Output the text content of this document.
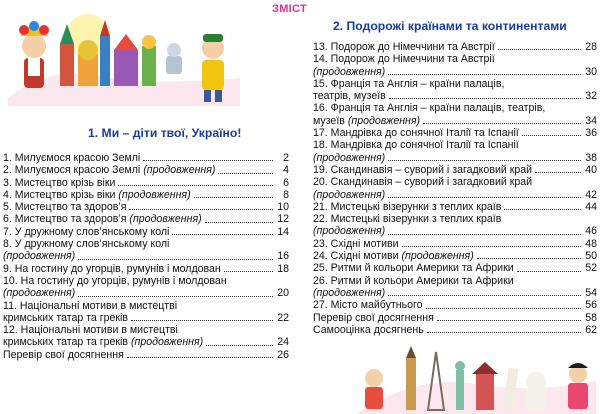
ЗМІСТ
1. Ми – діти твої, Україно!
1. Милуємося красою Землі	2
2. Милуємося красою Землі (продовження)	4
3. Мистецтво крізь віки	6
4. Мистецтво крізь віки (продовження)	8
5. Мистецтво та здоров’я	10
6. Мистецтво та здоров’я (продовження)	12
7. У дружному слов’янському колі	14
8. У дружному слов’янському колі
(продовження)	16
9. На гостину до угорців, румунів і молдован	18
10. На гостину до угорців, румунів і молдован
(продовження)	20
11. Національні мотиви в мистецтві
кримських татар та греків	22
12. Національні мотиви в мистецтві
кримських татар та греків (продовження)	24
Перевір свої досягнення	26
2. Подорожі країнами та континентами
13. Подорож до Німеччини та Австрії	28
14. Подорож до Німеччини та Австрії
(продовження)	30
15. Франція та Англія – країни палаців,
театрів, музеїв	32
16. Франція та Англія – країни палаців, театрів,
музеїв (продовження)	34
17. Мандрівка до сонячної Італії та Іспанії	36
18. Мандрівка до сонячної Італії та Іспанії
(продовження)	38
19. Скандинавія – суворий і загадковий край	40
20. Скандинавія – суворий і загадковий край
(продовження)	42
21. Мистецькі візерунки з теплих країв	44
22. Мистецькі візерунки з теплих країв
(продовження)	46
23. Східні мотиви	48
24. Східні мотиви (продовження)	50
25. Ритми й кольори Америки та Африки	52
26. Ритми й кольори Америки та Африки
(продовження)	54
27. Місто майбутнього	56
Перевір свої досягнення	58
Самооцінка досягнень	62
